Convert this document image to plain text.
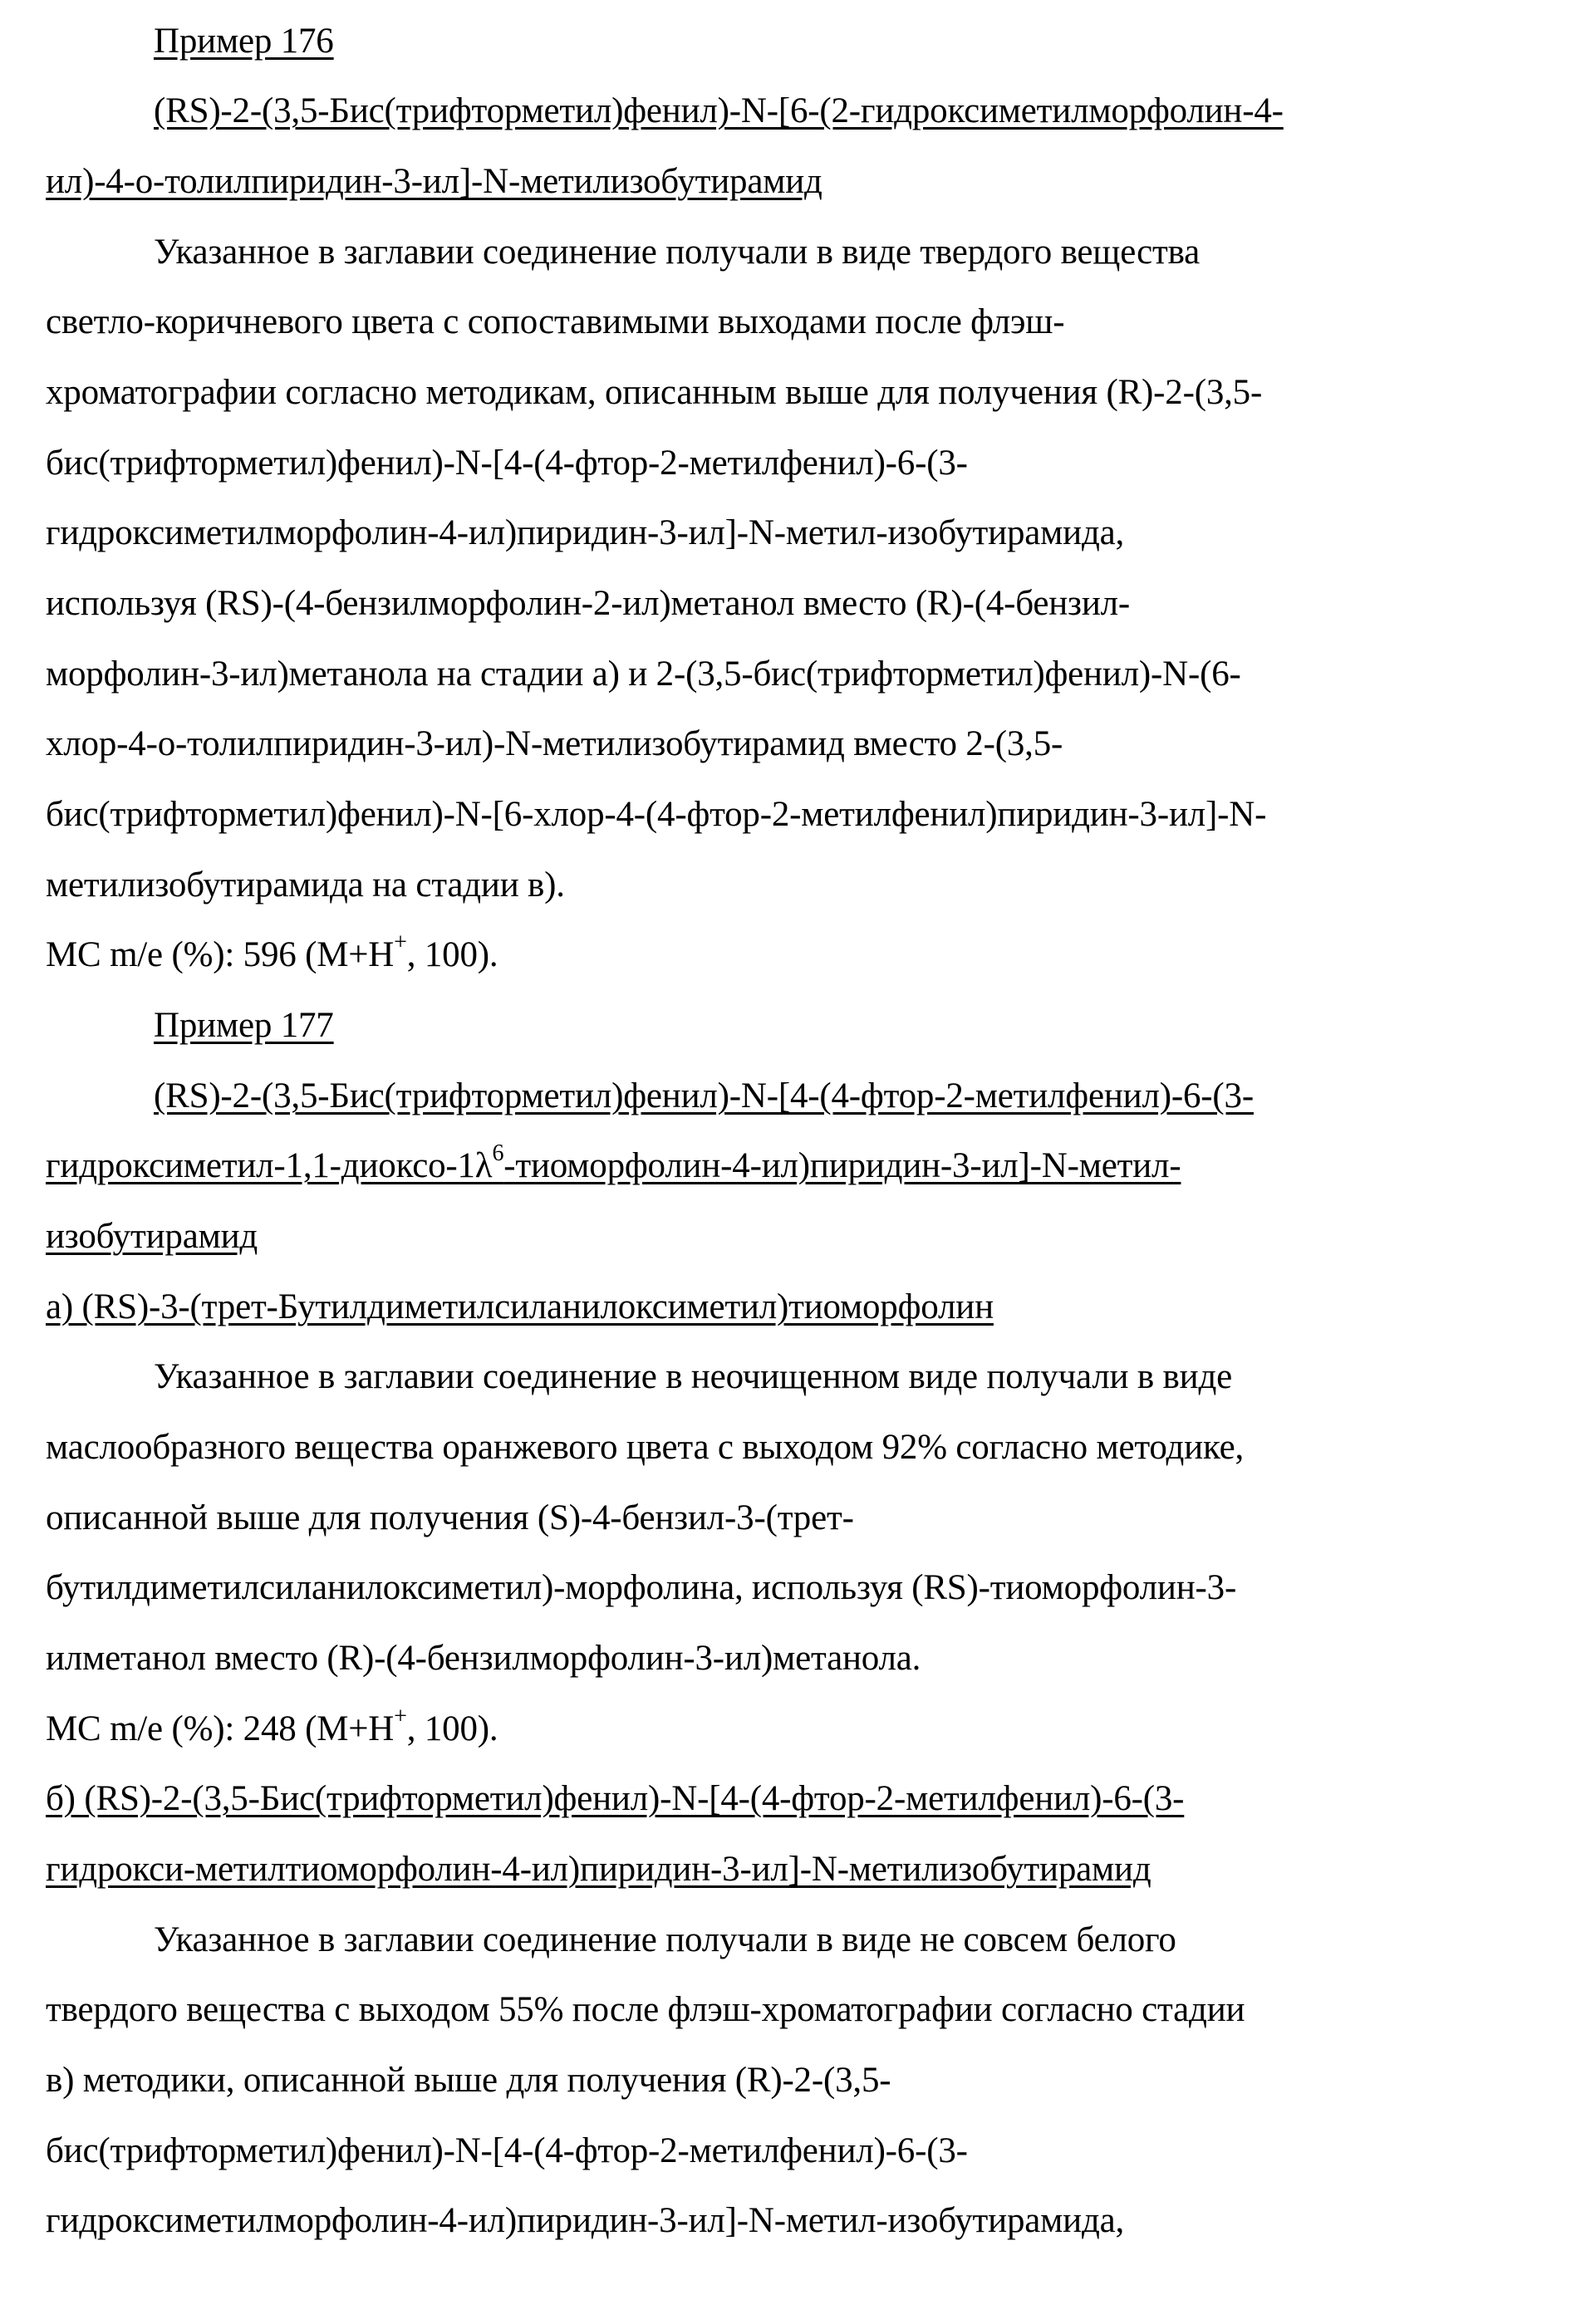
Пример 176
(RS)-2-(3,5-Бис(трифторметил)фенил)-N-[6-(2-гидроксиметилморфолин-4-
ил)-4-о-толилпиридин-3-ил]-N-метилизобутирамид
Указанное в заглавии соединение получали в виде твердого вещества
светло-коричневого цвета с сопоставимыми выходами после флэш-
хроматографии согласно методикам, описанным выше для получения (R)-2-(3,5-
бис(трифторметил)фенил)-N-[4-(4-фтор-2-метилфенил)-6-(3-
гидроксиметилморфолин-4-ил)пиридин-3-ил]-N-метил-изобутирамида,
используя (RS)-(4-бензилморфолин-2-ил)метанол вместо (R)-(4-бензил-
морфолин-3-ил)метанола на стадии а) и 2-(3,5-бис(трифторметил)фенил)-N-(6-
хлор-4-о-толилпиридин-3-ил)-N-метилизобутирамид вместо 2-(3,5-
бис(трифторметил)фенил)-N-[6-хлор-4-(4-фтор-2-метилфенил)пиридин-3-ил]-N-
метилизобутирамида на стадии в).
МС m/e (%): 596 (M+H+, 100).
Пример 177
(RS)-2-(3,5-Бис(трифторметил)фенил)-N-[4-(4-фтор-2-метилфенил)-6-(3-
гидроксиметил-$1,1-диоксо-1\lambda^6-тиоморфолин-4-ил)пиридин-3-ил]-N-метил-$
изобутирамид
а) (RS)-3-(трет-Бутилдиметилсиланилоксиметил)тиоморфолин
Указанное в заглавии соединение в неочищенном виде получали в виде
маслообразного вещества оранжевого цвета с выходом 92% согласно методике,
описанной выше для получения (S)-4-бензил-3-(трет-
бутилдиметилсиланилоксиметил)-морфолина, используя (RS)-тиоморфолин-3-
илметанол вместо (R)-(4-бензилморфолин-3-ил)метанола.
МС m/e (%): 248 (M+H+, 100).
б) (RS)-2-(3,5-Бис(трифторметил)фенил)-N-[4-(4-фтор-2-метилфенил)-6-(3-
гидрокси-метилтиоморфолин-4-ил)пиридин-3-ил]-N-метилизобутирамид
Указанное в заглавии соединение получали в виде не совсем белого
твердого вещества с выходом 55% после флэш-хроматографии согласно стадии
в) методики, описанной выше для получения (R)-2-(3,5-
бис(трифторметил)фенил)-N-[4-(4-фтор-2-метилфенил)-6-(3-
гидроксиметилморфолин-4-ил)пиридин-3-ил]-N-метил-изобутирамида,
